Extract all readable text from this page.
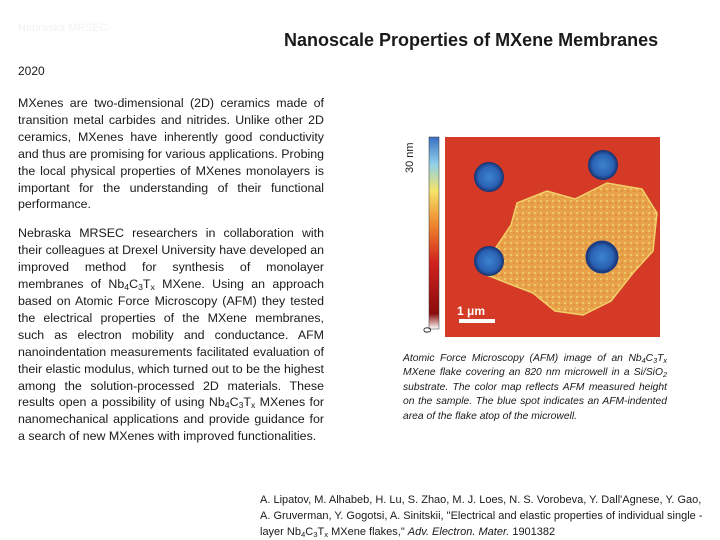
Nebraska MRSEC
Nanoscale Properties of MXene Membranes
2020

MXenes are two-dimensional (2D) ceramics made of transition metal carbides and nitrides. Unlike other 2D ceramics, MXenes have inherently good conductivity and thus are promising for various applications. Probing the local physical properties of MXenes monolayers is important for the understanding of their functional performance.

Nebraska MRSEC researchers in collaboration with their colleagues at Drexel University have developed an improved method for synthesis of monolayer membranes of $Nb_4C_3T_x$ MXene. Using an approach based on Atomic Force Microscopy (AFM) they tested the electrical properties of the MXene membranes, such as electron mobility and conductance. AFM nanoindentation measurements facilitated evaluation of their elastic modulus, which turned out to be the highest among the solution-processed 2D materials. These results open a possibility of using $Nb_4C_3T_x$ MXenes for nanomechanical applications and provide guidance for a search of new MXenes with improved functionalities.

30 nm
0
1 μm
Atomic Force Microscopy (AFM) image of an $Nb_4C_3T_x$ MXene flake covering an 820 nm microwell in a Si/SiO$_2$ substrate. The color map reflects AFM measured height on the sample. The blue spot indicates an AFM-indented area of the flake atop of the microwell.
A. Lipatov, M. Alhabeb, H. Lu, S. Zhao, M. J. Loes, N. S. Vorobeva, Y. Dall'Agnese, Y. Gao, A. Gruverman, Y. Gogotsi, A. Sinitskii, "Electrical and elastic properties of individual single - layer $Nb_4C_3T_x$ MXene flakes," Adv. Electron. Mater. 1901382
